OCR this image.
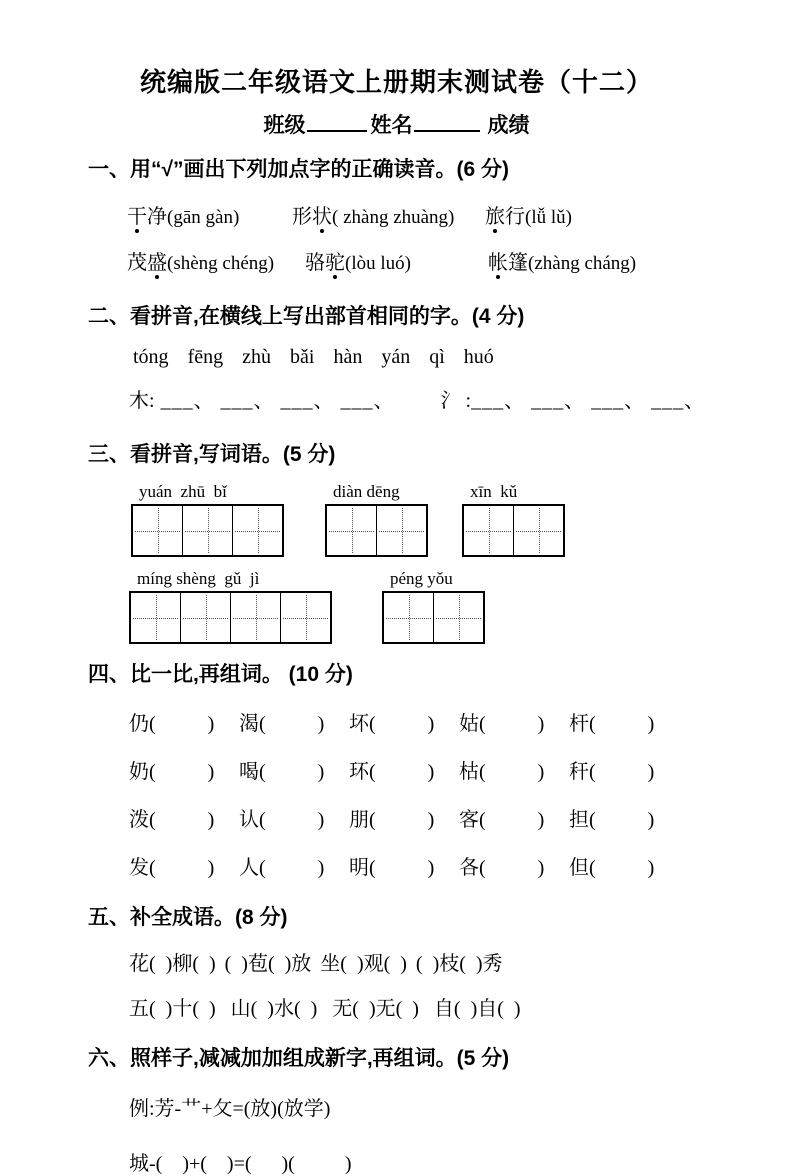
统编版二年级语文上册期末测试卷（十二）
班级	姓名	成绩
一、用“√”画出下列加点字的正确读音。(6 分)
干净(gān gàn)	形状( zhàng zhuàng)	旅行(lǚ lǔ)
茂盛(shèng chéng)	骆驼(lòu luó)	帐篷(zhàng cháng)
二、看拼音,在横线上写出部首相同的字。(4 分)
tóng fēng zhù bǎi hàn yán qì huó
木: ___、 ___、 ___、 ___、 氵 :___、 ___、 ___、 ___、
三、看拼音,写词语。(5 分)
yuán  zhū  bǐ	diàn dēng	xīn  kǔ
míng shèng  gǔ  jì	péng yǒu
四、比一比,再组词。 (10 分)
仍(	)	渴(	)	坏(	)	姑(	)	杆(	)
奶(	)	喝(	)	环(	)	枯(	)	秆(	)
泼(	)	认(	)	朋(	)	客(	)	担(	)
发(	)	人(	)	明(	)	各(	)	但(	)
五、补全成语。(8 分)
花(  )柳(  ) (  )苞(  )放 坐(  )观(  ) (  )枝(  )秀
五(  )十(  ) 山(  )水(  ) 无(  )无(  ) 自(  )自(  )
六、照样子,减减加加组成新字,再组词。(5 分)
例:芳-艹+攵=(放)(放学)
城-(    )+(    )=(      )(          )
